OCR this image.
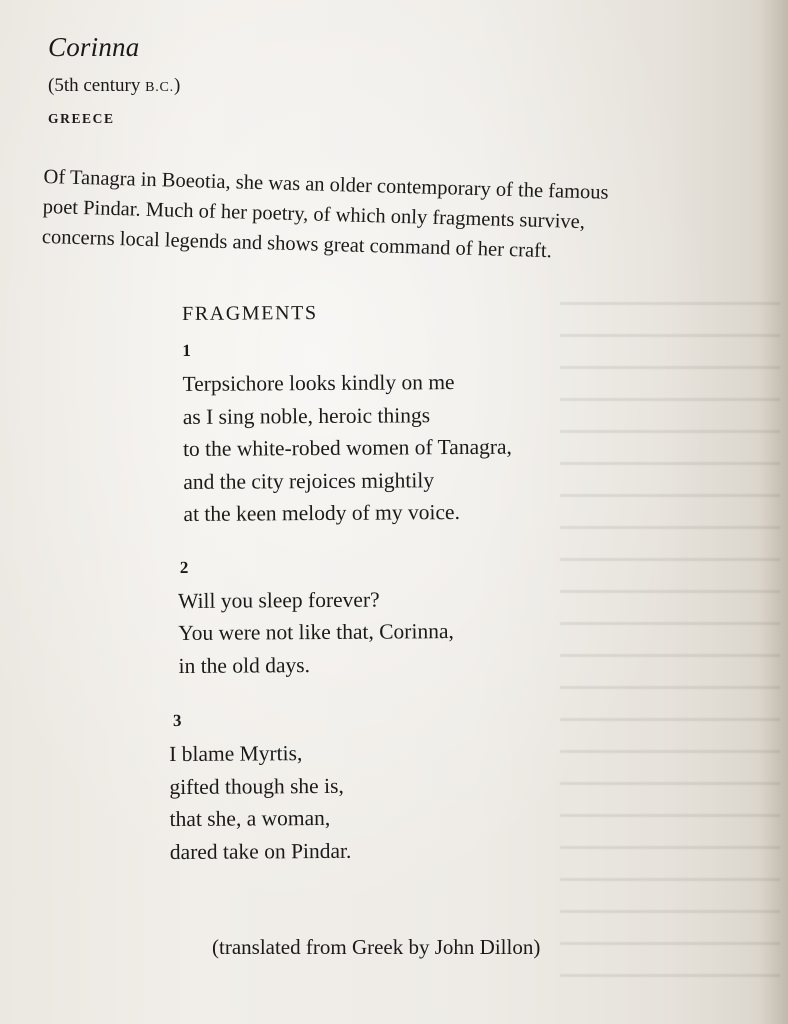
Corinna
(5th century B.C.)
GREECE
Of Tanagra in Boeotia, she was an older contemporary of the famous
poet Pindar. Much of her poetry, of which only fragments survive,
concerns local legends and shows great command of her craft.
FRAGMENTS
1
Terpsichore looks kindly on me
as I sing noble, heroic things
to the white-robed women of Tanagra,
and the city rejoices mightily
at the keen melody of my voice.
2
Will you sleep forever?
You were not like that, Corinna,
in the old days.
3
I blame Myrtis,
gifted though she is,
that she, a woman,
dared take on Pindar.
(translated from Greek by John Dillon)
